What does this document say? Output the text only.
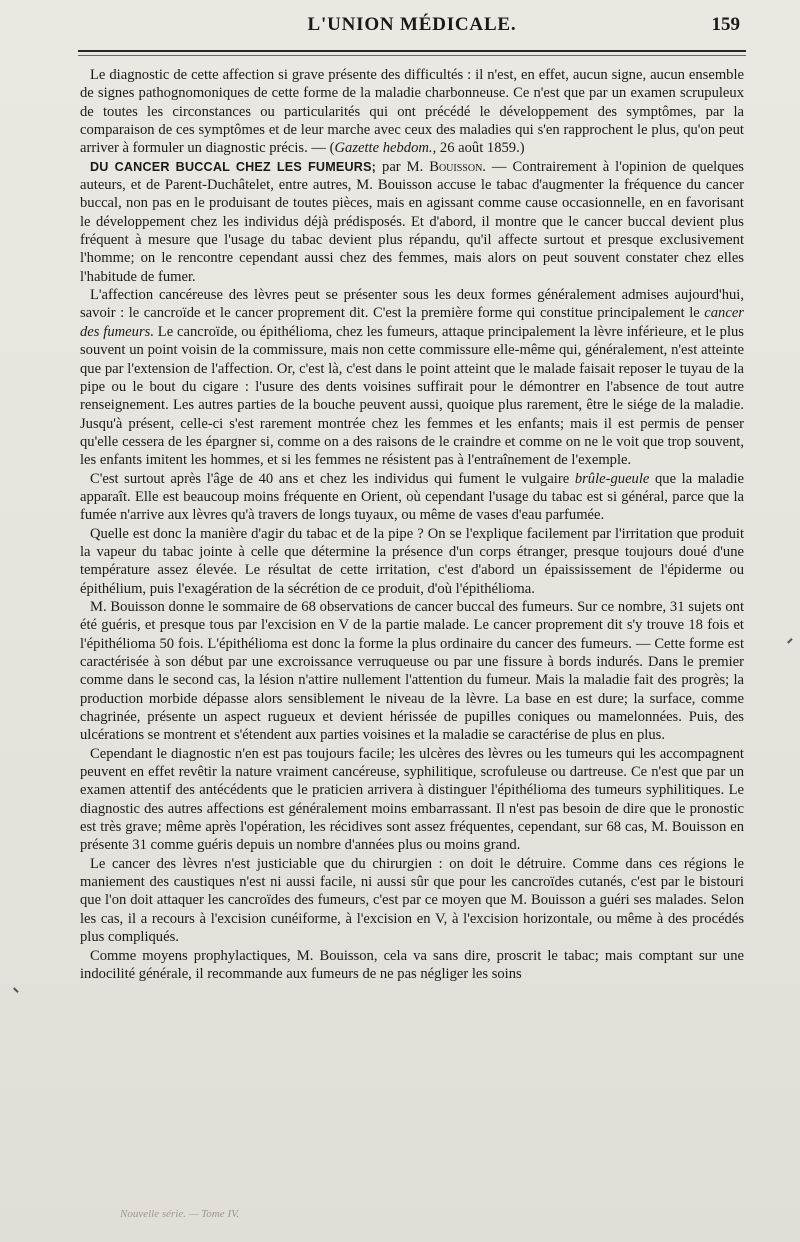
L'UNION MÉDICALE.	159

Le diagnostic de cette affection si grave présente des difficultés : il n'est, en effet, aucun signe, aucun ensemble de signes pathognomoniques de cette forme de la maladie charbonneuse. Ce n'est que par un examen scrupuleux de toutes les circonstances ou particularités qui ont précédé le développement des symptômes, par la comparaison de ces symptômes et de leur marche avec ceux des maladies qui s'en rapprochent le plus, qu'on peut arriver à formuler un diagnostic précis. — (Gazette hebdom., 26 août 1859.)

DU CANCER BUCCAL CHEZ LES FUMEURS; par M. Bouisson. — Contrairement à l'opinion de quelques auteurs, et de Parent-Duchâtelet, entre autres, M. Bouisson accuse le tabac d'augmenter la fréquence du cancer buccal, non pas en le produisant de toutes pièces, mais en agissant comme cause occasionnelle, en en favorisant le développement chez les individus déjà prédisposés. Et d'abord, il montre que le cancer buccal devient plus fréquent à mesure que l'usage du tabac devient plus répandu, qu'il affecte surtout et presque exclusivement l'homme; on le rencontre cependant aussi chez des femmes, mais alors on peut souvent constater chez elles l'habitude de fumer.

L'affection cancéreuse des lèvres peut se présenter sous les deux formes généralement admises aujourd'hui, savoir : le cancroïde et le cancer proprement dit. C'est la première forme qui constitue principalement le cancer des fumeurs. Le cancroïde, ou épithélioma, chez les fumeurs, attaque principalement la lèvre inférieure, et le plus souvent un point voisin de la commissure, mais non cette commissure elle-même qui, généralement, n'est atteinte que par l'extension de l'affection. Or, c'est là, c'est dans le point atteint que le malade faisait reposer le tuyau de la pipe ou le bout du cigare : l'usure des dents voisines suffirait pour le démontrer en l'absence de tout autre renseignement. Les autres parties de la bouche peuvent aussi, quoique plus rarement, être le siége de la maladie. Jusqu'à présent, celle-ci s'est rarement montrée chez les femmes et les enfants; mais il est permis de penser qu'elle cessera de les épargner si, comme on a des raisons de le craindre et comme on ne le voit que trop souvent, les enfants imitent les hommes, et si les femmes ne résistent pas à l'entraînement de l'exemple.

C'est surtout après l'âge de 40 ans et chez les individus qui fument le vulgaire brûle-gueule que la maladie apparaît. Elle est beaucoup moins fréquente en Orient, où cependant l'usage du tabac est si général, parce que la fumée n'arrive aux lèvres qu'à travers de longs tuyaux, ou même de vases d'eau parfumée.

Quelle est donc la manière d'agir du tabac et de la pipe ? On se l'explique facilement par l'irritation que produit la vapeur du tabac jointe à celle que détermine la présence d'un corps étranger, presque toujours doué d'une température assez élevée. Le résultat de cette irritation, c'est d'abord un épaississement de l'épiderme ou épithélium, puis l'exagération de la sécrétion de ce produit, d'où l'épithélioma.

M. Bouisson donne le sommaire de 68 observations de cancer buccal des fumeurs. Sur ce nombre, 31 sujets ont été guéris, et presque tous par l'excision en V de la partie malade. Le cancer proprement dit s'y trouve 18 fois et l'épithélioma 50 fois. L'épithélioma est donc la forme la plus ordinaire du cancer des fumeurs. — Cette forme est caractérisée à son début par une excroissance verruqueuse ou par une fissure à bords indurés. Dans le premier comme dans le second cas, la lésion n'attire nullement l'attention du fumeur. Mais la maladie fait des progrès; la production morbide dépasse alors sensiblement le niveau de la lèvre. La base en est dure; la surface, comme chagrinée, présente un aspect rugueux et devient hérissée de pupilles coniques ou mamelonnées. Puis, des ulcérations se montrent et s'étendent aux parties voisines et la maladie se caractérise de plus en plus.

Cependant le diagnostic n'en est pas toujours facile; les ulcères des lèvres ou les tumeurs qui les accompagnent peuvent en effet revêtir la nature vraiment cancéreuse, syphilitique, scrofuleuse ou dartreuse. Ce n'est que par un examen attentif des antécédents que le praticien arrivera à distinguer l'épithélioma des tumeurs syphilitiques. Le diagnostic des autres affections est généralement moins embarrassant. Il n'est pas besoin de dire que le pronostic est très grave; même après l'opération, les récidives sont assez fréquentes, cependant, sur 68 cas, M. Bouisson en présente 31 comme guéris depuis un nombre d'années plus ou moins grand.

Le cancer des lèvres n'est justiciable que du chirurgien : on doit le détruire. Comme dans ces régions le maniement des caustiques n'est ni aussi facile, ni aussi sûr que pour les cancroïdes cutanés, c'est par le bistouri que l'on doit attaquer les cancroïdes des fumeurs, c'est par ce moyen que M. Bouisson a guéri ses malades. Selon les cas, il a recours à l'excision cunéiforme, à l'excision en V, à l'excision horizontale, ou même à des procédés plus compliqués.

Comme moyens prophylactiques, M. Bouisson, cela va sans dire, proscrit le tabac; mais comptant sur une indocilité générale, il recommande aux fumeurs de ne pas négliger les soins

Nouvelle série. — Tome IV.
